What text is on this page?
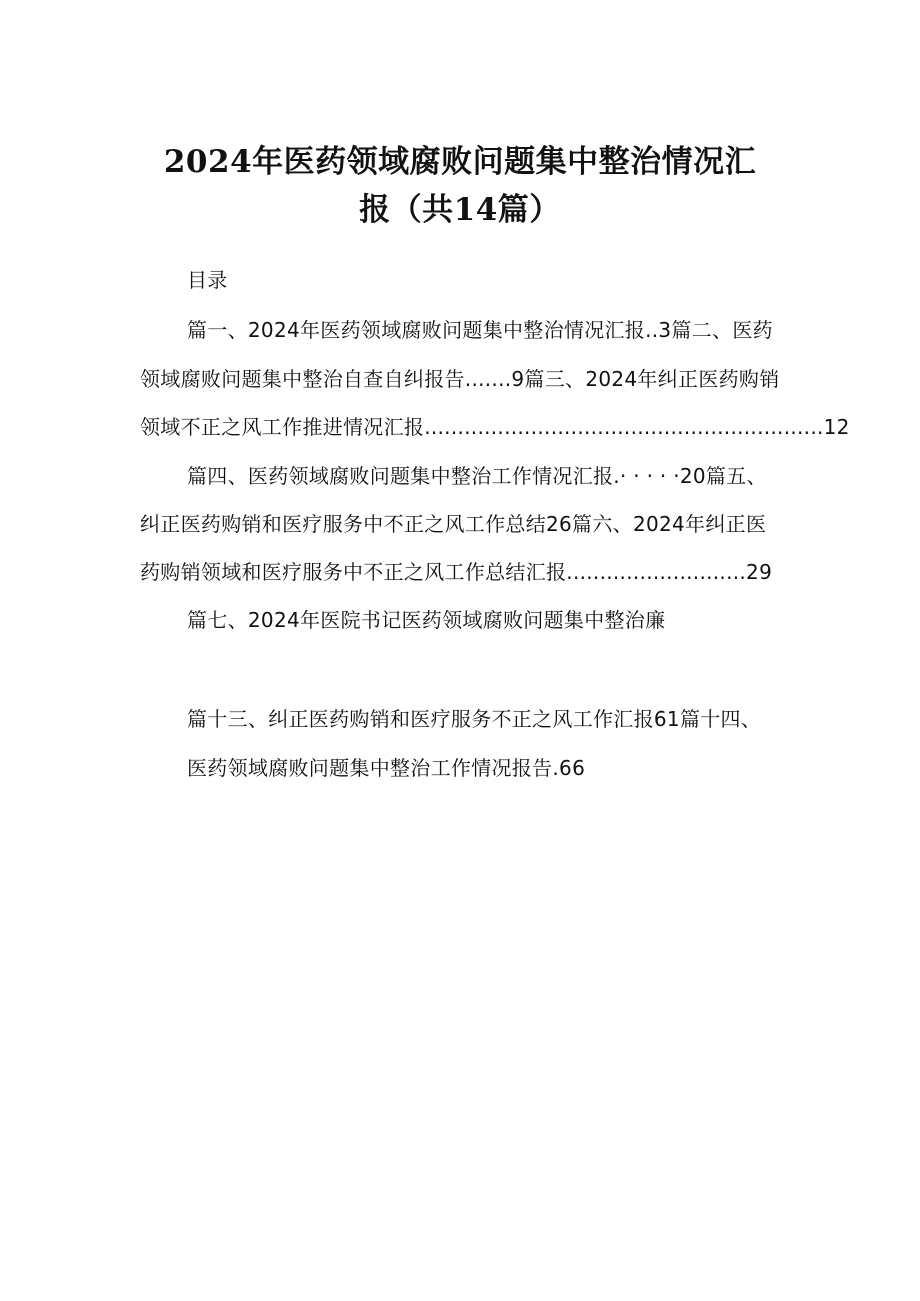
2024年医药领域腐败问题集中整治情况汇
报（共14篇）
目录
篇一、2024年医药领域腐败问题集中整治情况汇报..3篇二、医药
领域腐败问题集中整治自查自纠报告.......9篇三、2024年纠正医药购销
领域不正之风工作推进情况汇报............................................................12
篇四、医药领域腐败问题集中整治工作情况汇报.· · · · ·20篇五、
纠正医药购销和医疗服务中不正之风工作总结26篇六、2024年纠正医
药购销领域和医疗服务中不正之风工作总结汇报...........................29
篇七、2024年医院书记医药领域腐败问题集中整治廉
篇十三、纠正医药购销和医疗服务不正之风工作汇报61篇十四、
医药领域腐败问题集中整治工作情况报告.66
